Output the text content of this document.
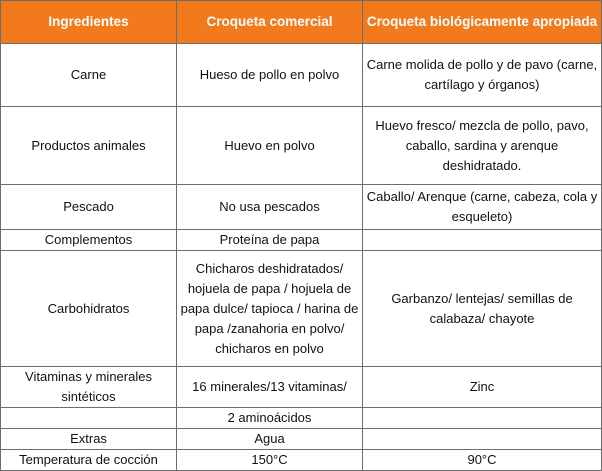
Ingredientes	Croqueta comercial	Croqueta biológicamente apropiada
Carne	Hueso de pollo en polvo	Carne molida de pollo y de pavo (carne, cartílago y órganos)
Productos animales	Huevo en polvo	Huevo fresco/ mezcla de pollo, pavo, caballo, sardina y arenque deshidratado.
Pescado	No usa pescados	Caballo/ Arenque (carne, cabeza, cola y esqueleto)
Complementos	Proteína de papa	
Carbohidratos	Chicharos deshidratados/ hojuela de papa / hojuela de papa dulce/ tapioca / harina de papa /zanahoria en polvo/ chicharos en polvo	Garbanzo/ lentejas/ semillas de calabaza/ chayote
Vitaminas y minerales sintéticos	16 minerales/13 vitaminas/	Zinc
	2 aminoácidos	
Extras	Agua	
Temperatura de cocción	150°C	90°C
